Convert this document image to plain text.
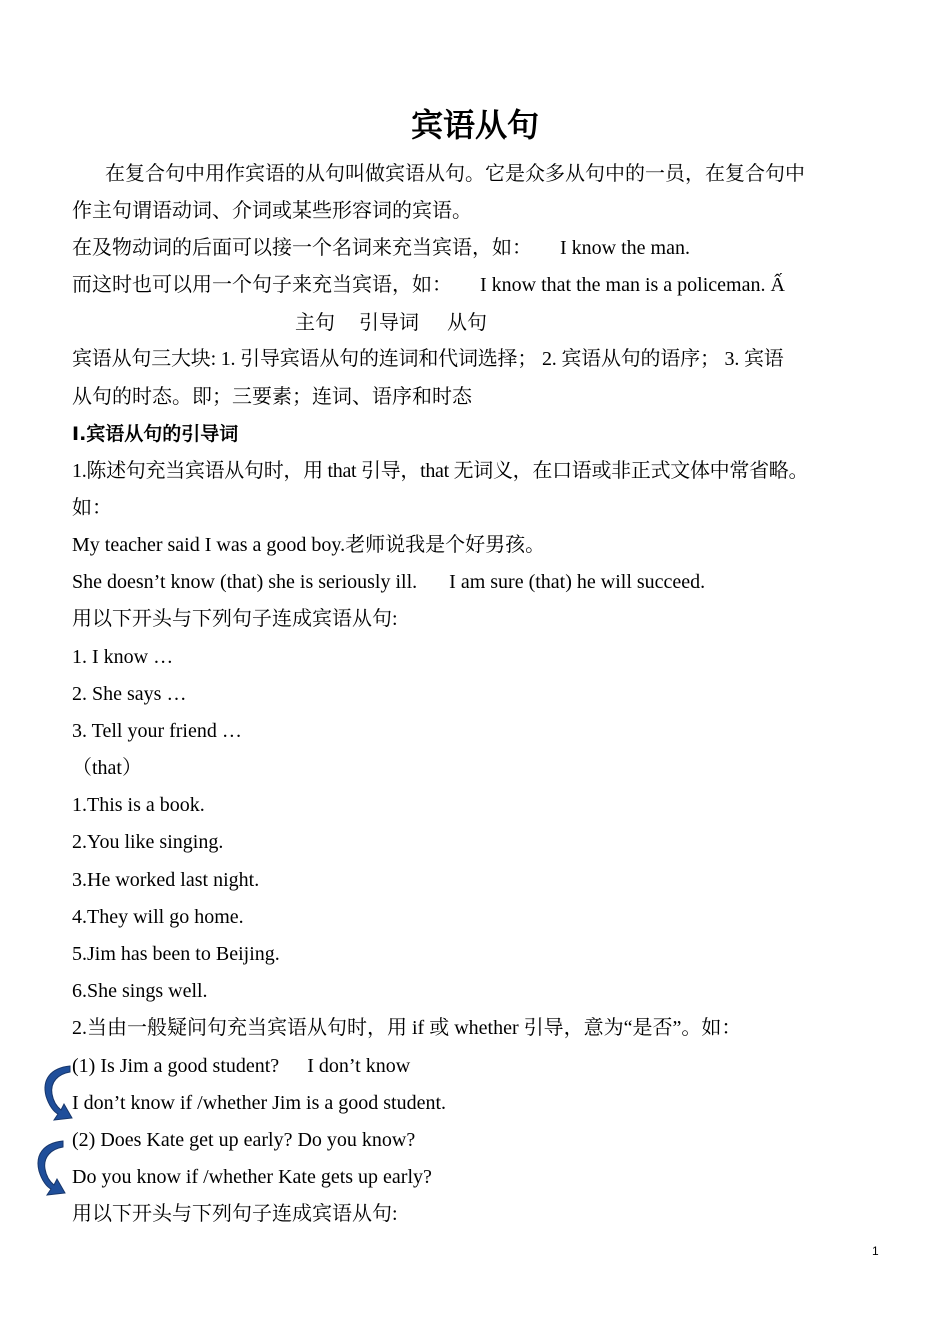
宾语从句
在复合句中用作宾语的从句叫做宾语从句。它是众多从句中的一员，在复合句中
作主句谓语动词、介词或某些形容词的宾语。
在及物动词的后面可以接一个名词来充当宾语，如： I know the man.
而这时也可以用一个句子来充当宾语，如： I know that the man is a policeman. Ấ
主句 引导词 从句
宾语从句三大块: 1. 引导宾语从句的连词和代词选择； 2. 宾语从句的语序； 3. 宾语
从句的时态。即；三要素；连词、语序和时态
Ⅰ.宾语从句的引导词
1.陈述句充当宾语从句时，用 that 引导，that 无词义，在口语或非正式文体中常省略。
如：
My teacher said I was a good boy.老师说我是个好男孩。
She doesn’t know (that) she is seriously ill. I am sure (that) he will succeed.
用以下开头与下列句子连成宾语从句:
1. I know …
2. She says …
3. Tell your friend …
（that）
1.This is a book.
2.You like singing.
3.He worked last night.
4.They will go home.
5.Jim has been to Beijing.
6.She sings well.
2.当由一般疑问句充当宾语从句时，用 if 或 whether 引导，意为“是否”。如：
(1) Is Jim a good student? I don’t know
I don’t know if /whether Jim is a good student.
(2) Does Kate get up early? Do you know?
Do you know if /whether Kate gets up early?
用以下开头与下列句子连成宾语从句:
1
